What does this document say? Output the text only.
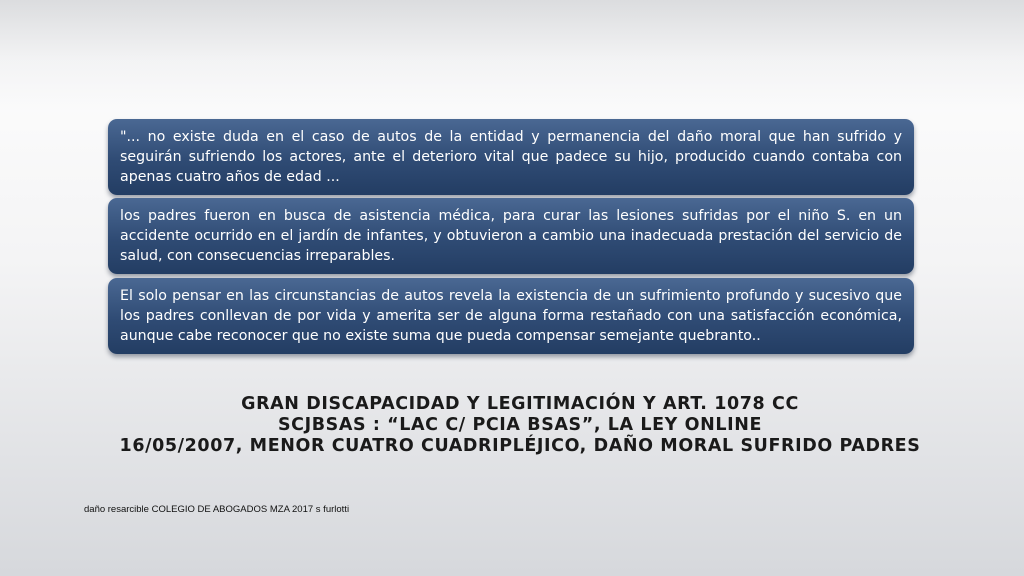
"... no existe duda en el caso de autos de la entidad y permanencia del daño moral que han sufrido y seguirán sufriendo los actores, ante el deterioro vital que padece su hijo, producido cuando contaba con apenas cuatro años de edad ...
los padres fueron en busca de asistencia médica, para curar las lesiones sufridas por el niño S. en un accidente ocurrido en el jardín de infantes, y obtuvieron a cambio una inadecuada prestación del servicio de salud, con consecuencias irreparables.
El solo pensar en las circunstancias de autos revela la existencia de un sufrimiento profundo y sucesivo que los padres conllevan de por vida y amerita ser de alguna forma restañado con una satisfacción económica, aunque cabe reconocer que no existe suma que pueda compensar semejante quebranto..
GRAN DISCAPACIDAD Y LEGITIMACIÓN Y ART. 1078 CC
SCJBSAS : “LAC C/ PCIA BSAS”, LA LEY ONLINE
16/05/2007, MENOR CUATRO CUADRIPLÉJICO, DAÑO MORAL SUFRIDO PADRES
daño resarcible COLEGIO DE ABOGADOS MZA 2017 s furlotti
